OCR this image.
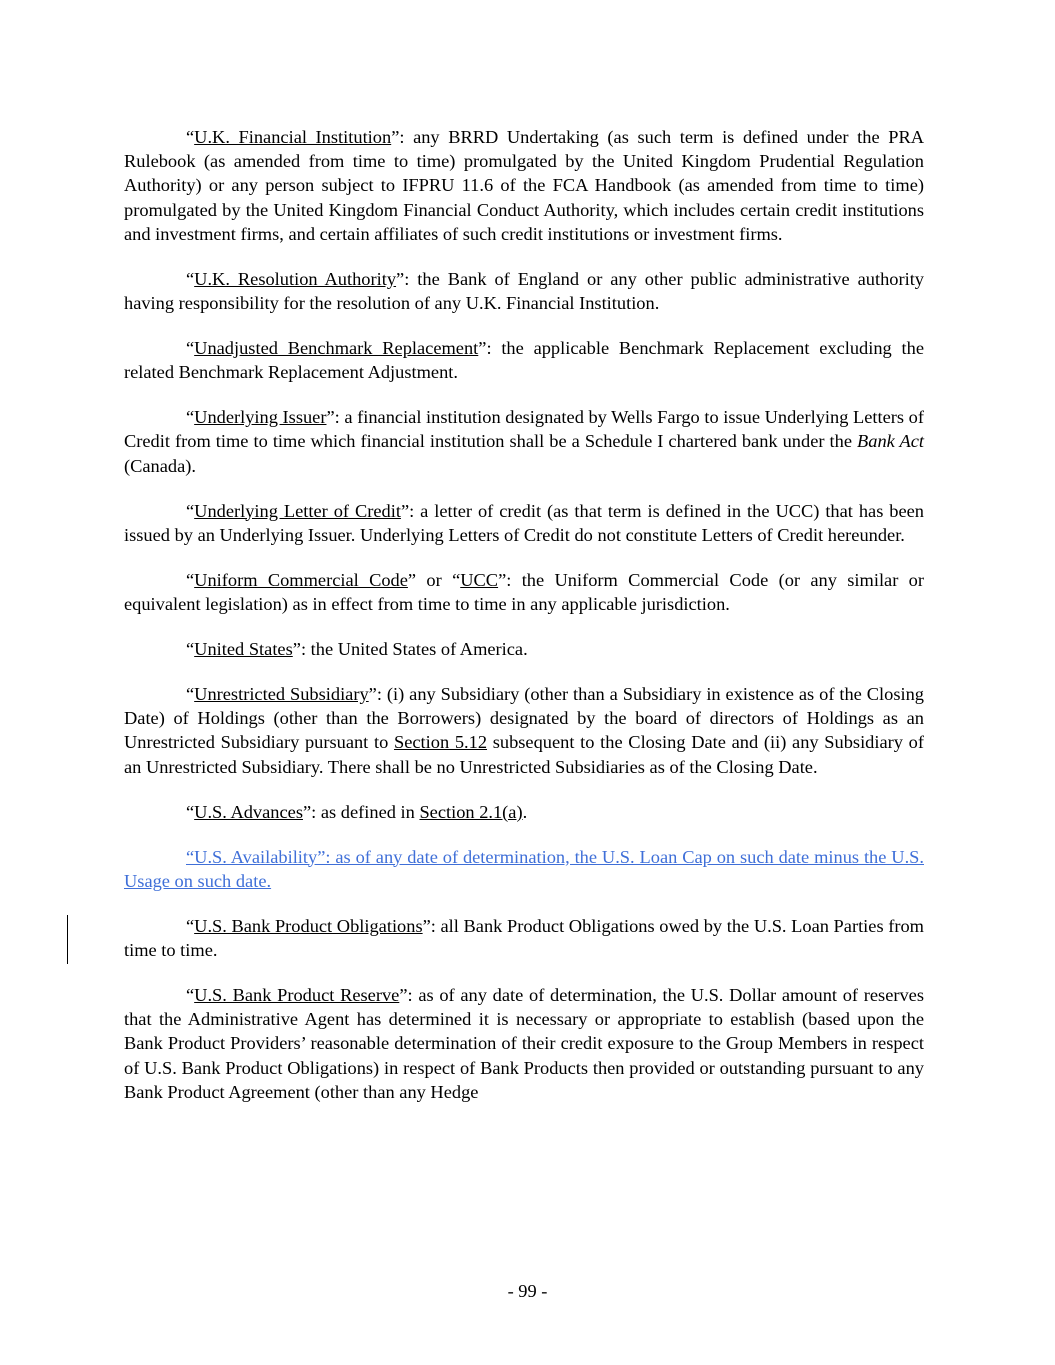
“U.K. Financial Institution”: any BRRD Undertaking (as such term is defined under the PRA Rulebook (as amended from time to time) promulgated by the United Kingdom Prudential Regulation Authority) or any person subject to IFPRU 11.6 of the FCA Handbook (as amended from time to time) promulgated by the United Kingdom Financial Conduct Authority, which includes certain credit institutions and investment firms, and certain affiliates of such credit institutions or investment firms.

“U.K. Resolution Authority”: the Bank of England or any other public administrative authority having responsibility for the resolution of any U.K. Financial Institution.

“Unadjusted Benchmark Replacement”: the applicable Benchmark Replacement excluding the related Benchmark Replacement Adjustment.

“Underlying Issuer”: a financial institution designated by Wells Fargo to issue Underlying Letters of Credit from time to time which financial institution shall be a Schedule I chartered bank under the Bank Act (Canada).

“Underlying Letter of Credit”: a letter of credit (as that term is defined in the UCC) that has been issued by an Underlying Issuer. Underlying Letters of Credit do not constitute Letters of Credit hereunder.

“Uniform Commercial Code” or “UCC”: the Uniform Commercial Code (or any similar or equivalent legislation) as in effect from time to time in any applicable jurisdiction.

“United States”: the United States of America.

“Unrestricted Subsidiary”: (i) any Subsidiary (other than a Subsidiary in existence as of the Closing Date) of Holdings (other than the Borrowers) designated by the board of directors of Holdings as an Unrestricted Subsidiary pursuant to Section 5.12 subsequent to the Closing Date and (ii) any Subsidiary of an Unrestricted Subsidiary. There shall be no Unrestricted Subsidiaries as of the Closing Date.

“U.S. Advances”: as defined in Section 2.1(a).

“U.S. Availability”: as of any date of determination, the U.S. Loan Cap on such date minus the U.S. Usage on such date.

“U.S. Bank Product Obligations”: all Bank Product Obligations owed by the U.S. Loan Parties from time to time.

“U.S. Bank Product Reserve”: as of any date of determination, the U.S. Dollar amount of reserves that the Administrative Agent has determined it is necessary or appropriate to establish (based upon the Bank Product Providers’ reasonable determination of their credit exposure to the Group Members in respect of U.S. Bank Product Obligations) in respect of Bank Products then provided or outstanding pursuant to any Bank Product Agreement (other than any Hedge

- 99 -
